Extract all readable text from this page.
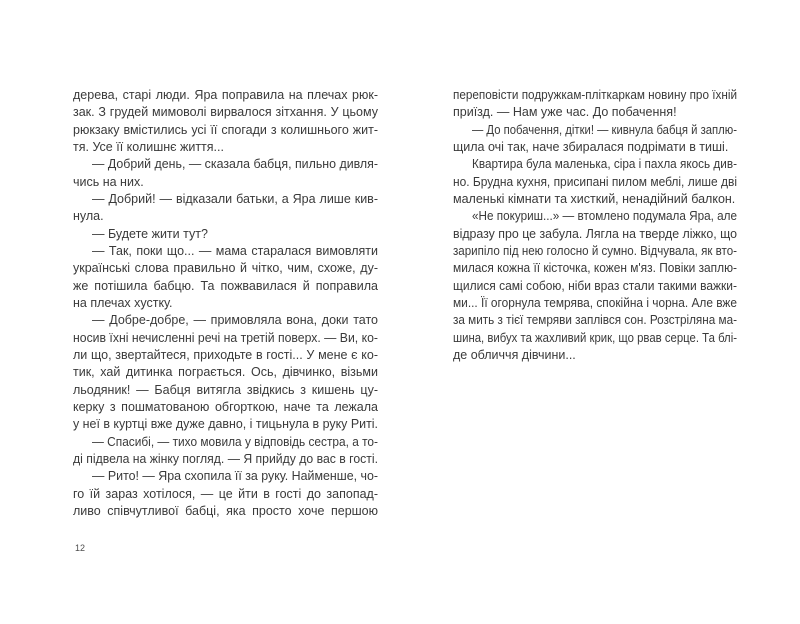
дерева, старі люди. Яра поправила на плечах рюк-
зак. З грудей мимоволі вирвалося зітхання. У цьому
рюкзаку вмістились усі її спогади з колишнього жит-
тя. Усе її колишнє життя...
— Добрий день, — сказала бабця, пильно дивля-
чись на них.
— Добрий! — відказали батьки, а Яра лише кив-
нула.
— Будете жити тут?
— Так, поки що... — мама старалася вимовляти
українські слова правильно й чітко, чим, схоже, ду-
же потішила бабцю. Та пожвавилася й поправила
на плечах хустку.
— Добре-добре, — примовляла вона, доки тато
носив їхні нечисленні речі на третій поверх. — Ви, ко-
ли що, звертайтеся, приходьте в гості... У мене є ко-
тик, хай дитинка пограється. Ось, дівчинко, візьми
льодяник! — Бабця витягла звідкись з кишень цу-
керку з пошматованою обгорткою, наче та лежала
у неї в куртці вже дуже давно, і тицьнула в руку Риті.
— Спасибі, — тихо мовила у відповідь сестра, а то-
ді підвела на жінку погляд. — Я прийду до вас в гості.
— Рито! — Яра схопила її за руку. Найменше, чо-
го їй зараз хотілося, — це йти в гості до запопад-
ливо співчутливої бабці, яка просто хоче першою
переповісти подружкам-пліткаркам новину про їхній
приїзд. — Нам уже час. До побачення!
— До побачення, дітки! — кивнула бабця й заплю-
щила очі так, наче збиралася подрімати в тиші.
Квартира була маленька, сіра і пахла якось див-
но. Брудна кухня, присипані пилом меблі, лише дві
маленькі кімнати та хисткий, ненадійний балкон.
«Не покуриш...» — втомлено подумала Яра, але
відразу про це забула. Лягла на тверде ліжко, що
зарипіло під нею голосно й сумно. Відчувала, як вто-
милася кожна її кісточка, кожен м'яз. Повіки заплю-
щилися самі собою, ніби враз стали такими важки-
ми... Її огорнула темрява, спокійна і чорна. Але вже
за мить з тієї темряви заплівся сон. Розстріляна ма-
шина, вибух та жахливий крик, що рвав серце. Та блі-
де обличчя дівчини...
12
